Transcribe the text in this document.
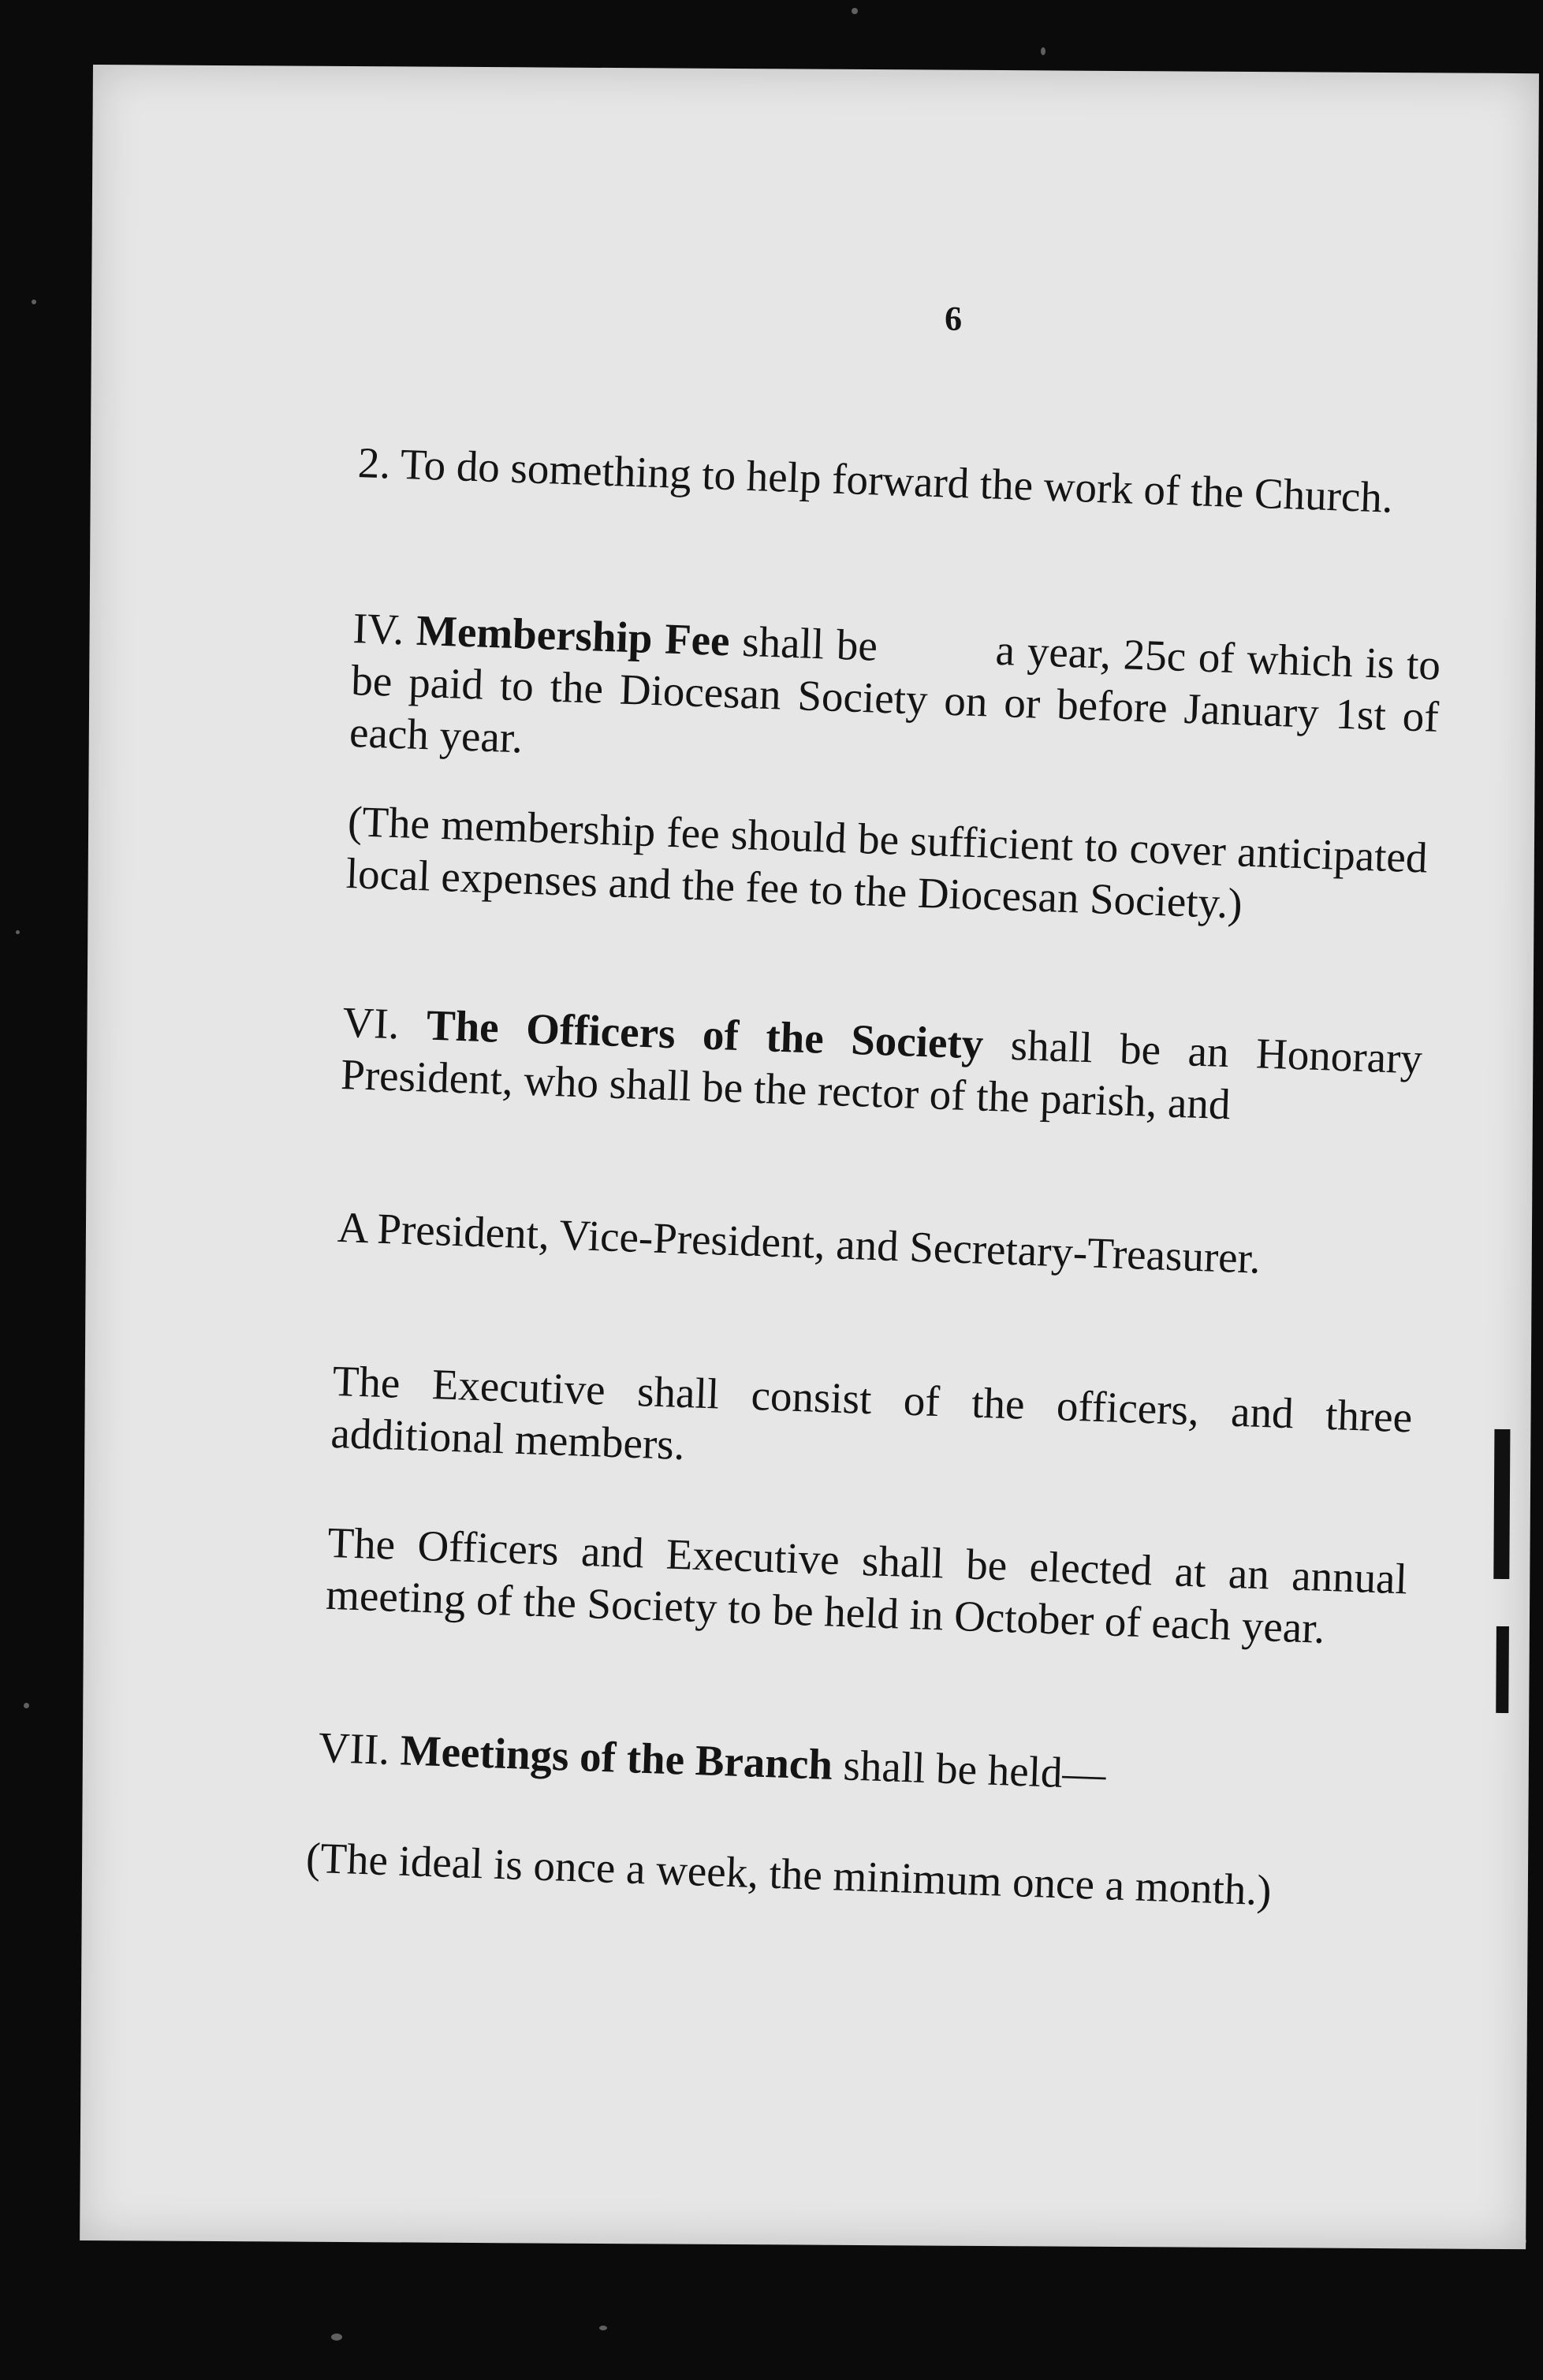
6

2. To do something to help forward the work of the Church.

IV. Membership Fee shall be	a year, 25c of which is to be paid to the Diocesan Society on or before January 1st of each year.

(The membership fee should be sufficient to cover anticipated local expenses and the fee to the Diocesan Society.)

VI. The Officers of the Society shall be an Honorary President, who shall be the rector of the parish, and

A President, Vice-President, and Secretary-Treasurer.

The Executive shall consist of the officers, and three additional members.

The Officers and Executive shall be elected at an annual meeting of the Society to be held in October of each year.

VII. Meetings of the Branch shall be held—

(The ideal is once a week, the minimum once a month.)
